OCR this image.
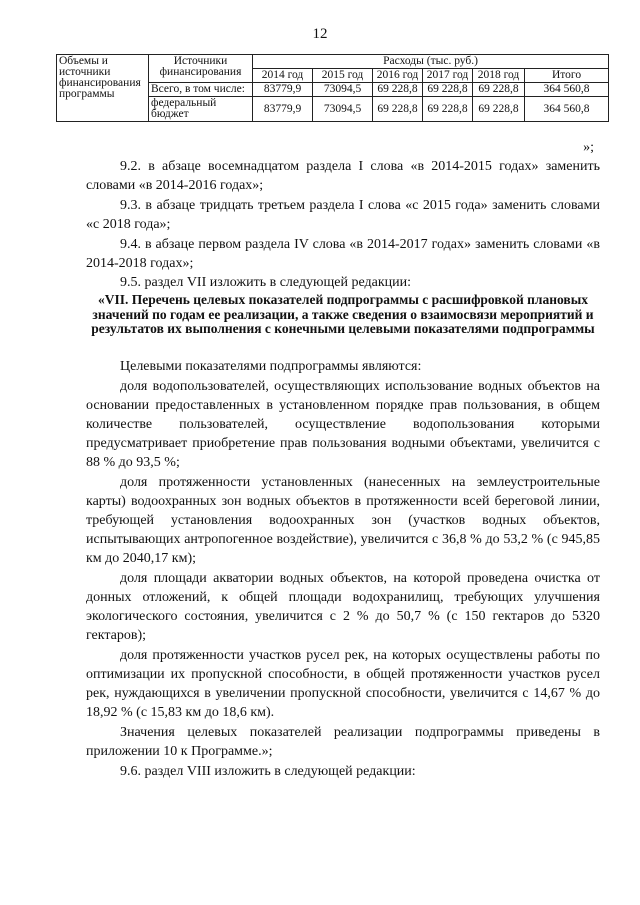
12
Объемы и источники финансирования программы	Источники финансирования	Расходы (тыс. руб.)					
		2014 год	2015 год	2016 год	2017 год	2018 год	Итого
	Всего, в том числе:	83779,9	73094,5	69 228,8	69 228,8	69 228,8	364 560,8
	федеральный бюджет	83779,9	73094,5	69 228,8	69 228,8	69 228,8	364 560,8
»;
9.2. в абзаце восемнадцатом раздела I слова «в 2014-2015 годах» заменить словами «в 2014-2016 годах»;
9.3. в абзаце тридцать третьем раздела I слова «с 2015 года» заменить словами «с 2018 года»;
9.4. в абзаце первом раздела IV слова «в 2014-2017 годах» заменить словами «в 2014-2018 годах»;
9.5. раздел VII изложить в следующей редакции:
«VII. Перечень целевых показателей подпрограммы с расшифровкой плановых значений по годам ее реализации, а также сведения о взаимосвязи мероприятий и результатов их выполнения с конечными целевыми показателями подпрограммы
Целевыми показателями подпрограммы являются:
доля водопользователей, осуществляющих использование водных объектов на основании предоставленных в установленном порядке прав пользования, в общем количестве пользователей, осуществление водопользования которыми предусматривает приобретение прав пользования водными объектами, увеличится с 88 % до 93,5 %;
доля протяженности установленных (нанесенных на землеустроительные карты) водоохранных зон водных объектов в протяженности всей береговой линии, требующей установления водоохранных зон (участков водных объектов, испытывающих антропогенное воздействие), увеличится с 36,8 % до 53,2 % (с 945,85 км до 2040,17 км);
доля площади акватории водных объектов, на которой проведена очистка от донных отложений, к общей площади водохранилищ, требующих улучшения экологического состояния, увеличится с 2 % до 50,7 % (с 150 гектаров до 5320 гектаров);
доля протяженности участков русел рек, на которых осуществлены работы по оптимизации их пропускной способности, в общей протяженности участков русел рек, нуждающихся в увеличении пропускной способности, увеличится с 14,67 % до 18,92 % (с 15,83 км до 18,6 км).
Значения целевых показателей реализации подпрограммы приведены в приложении 10 к Программе.»;
9.6. раздел VIII изложить в следующей редакции:
